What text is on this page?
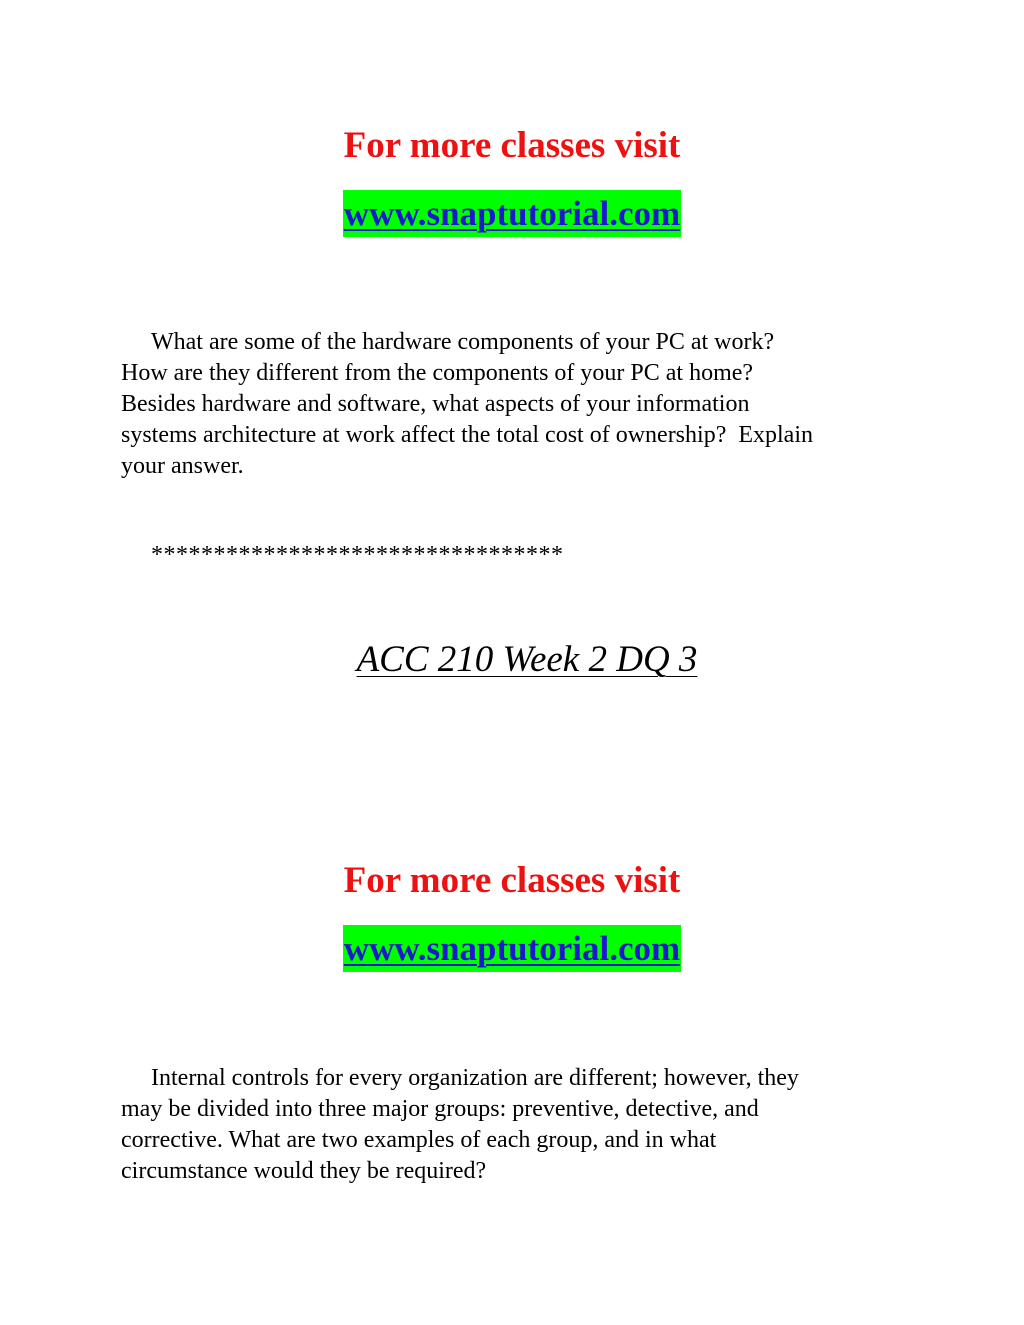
For more classes visit
www.snaptutorial.com
What are some of the hardware components of your PC at work?
How are they different from the components of your PC at home?
Besides hardware and software, what aspects of your information
systems architecture at work affect the total cost of ownership?  Explain
your answer.
*********************************
ACC 210 Week 2 DQ 3
For more classes visit
www.snaptutorial.com
Internal controls for every organization are different; however, they
may be divided into three major groups: preventive, detective, and
corrective. What are two examples of each group, and in what
circumstance would they be required?
